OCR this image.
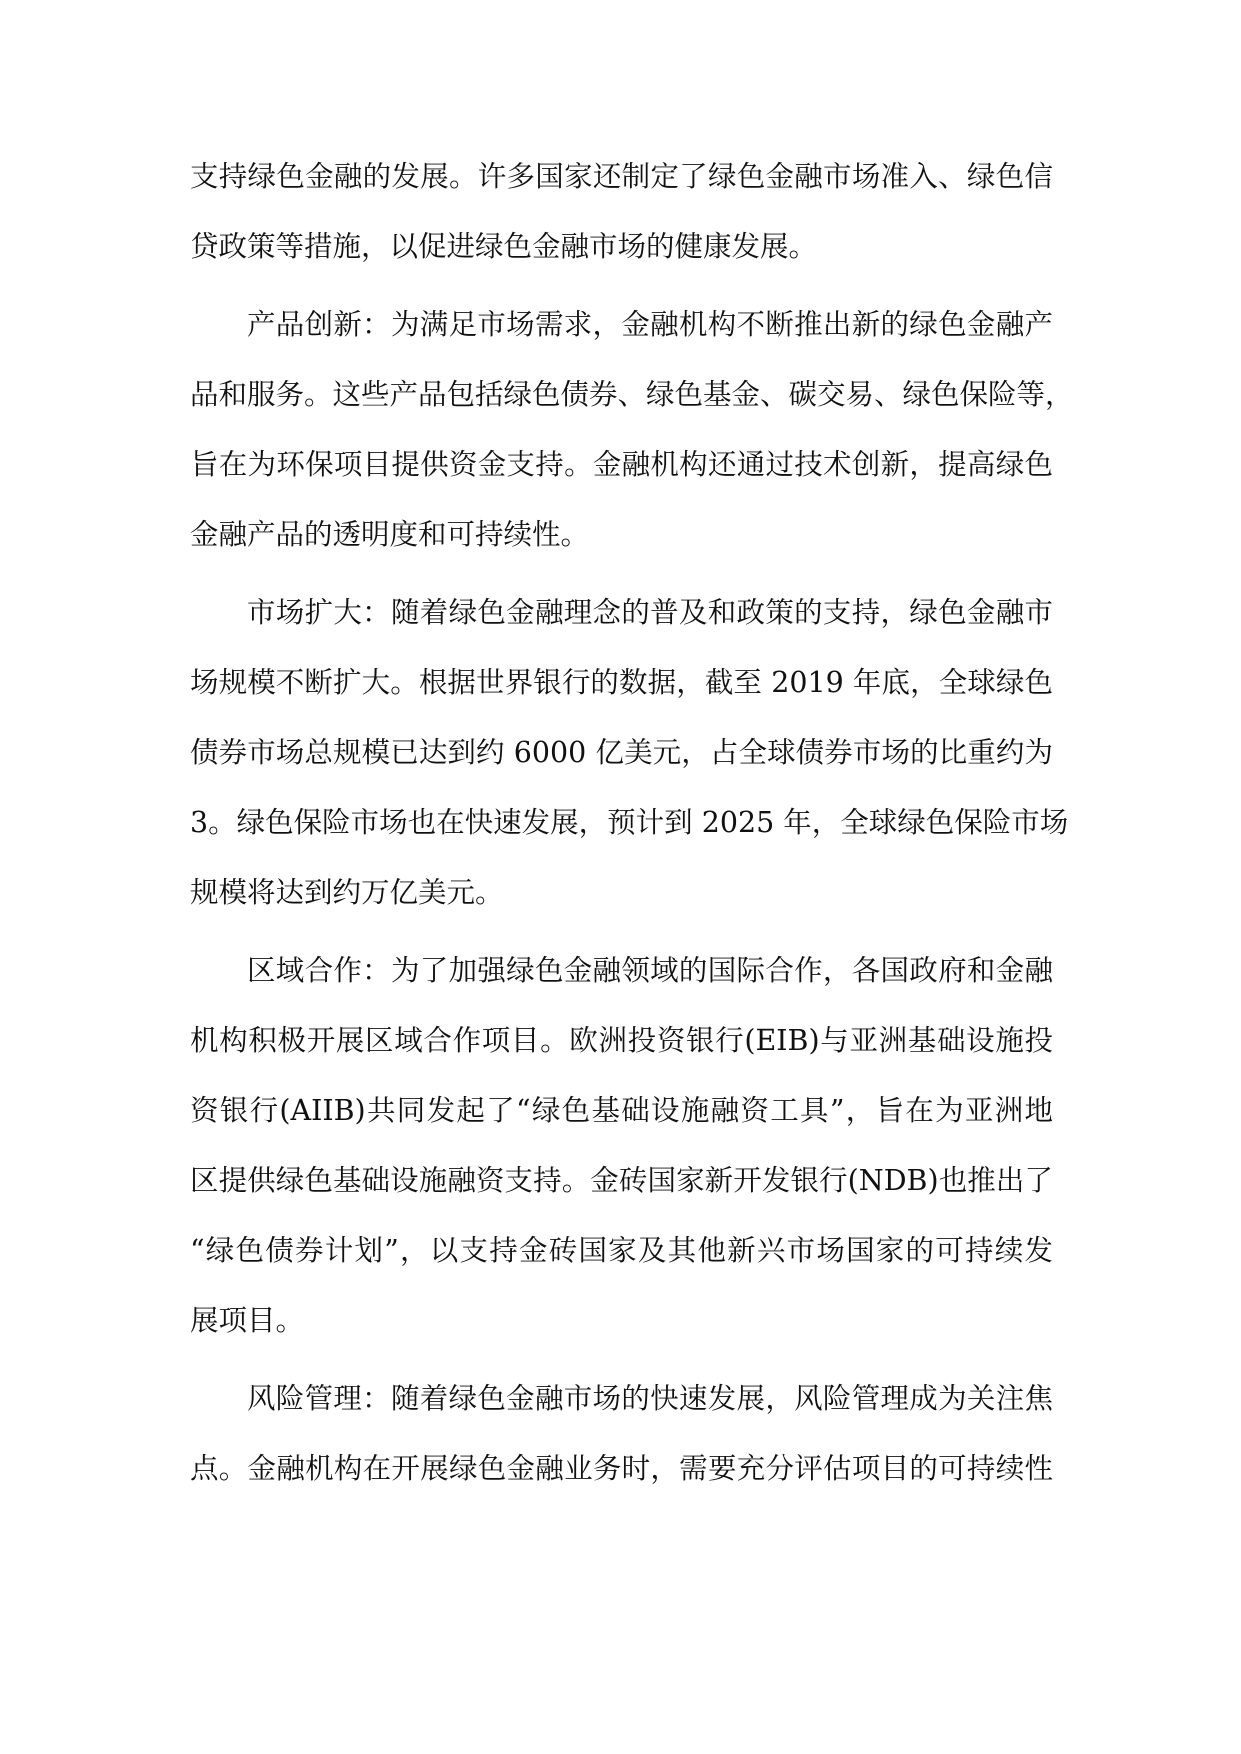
支持绿色金融的发展。许多国家还制定了绿色金融市场准入、绿色信
贷政策等措施，以促进绿色金融市场的健康发展。
产品创新：为满足市场需求，金融机构不断推出新的绿色金融产
品和服务。这些产品包括绿色债券、绿色基金、碳交易、绿色保险等，
旨在为环保项目提供资金支持。金融机构还通过技术创新，提高绿色
金融产品的透明度和可持续性。
市场扩大：随着绿色金融理念的普及和政策的支持，绿色金融市
场规模不断扩大。根据世界银行的数据，截至 2019 年底，全球绿色
债券市场总规模已达到约 6000 亿美元，占全球债券市场的比重约为
3。绿色保险市场也在快速发展，预计到 2025 年，全球绿色保险市场
规模将达到约万亿美元。
区域合作：为了加强绿色金融领域的国际合作，各国政府和金融
机构积极开展区域合作项目。欧洲投资银行(EIB)与亚洲基础设施投
资银行(AIIB)共同发起了“绿色基础设施融资工具”，旨在为亚洲地
区提供绿色基础设施融资支持。金砖国家新开发银行(NDB)也推出了
“绿色债券计划”，以支持金砖国家及其他新兴市场国家的可持续发
展项目。
风险管理：随着绿色金融市场的快速发展，风险管理成为关注焦
点。金融机构在开展绿色金融业务时，需要充分评估项目的可持续性
